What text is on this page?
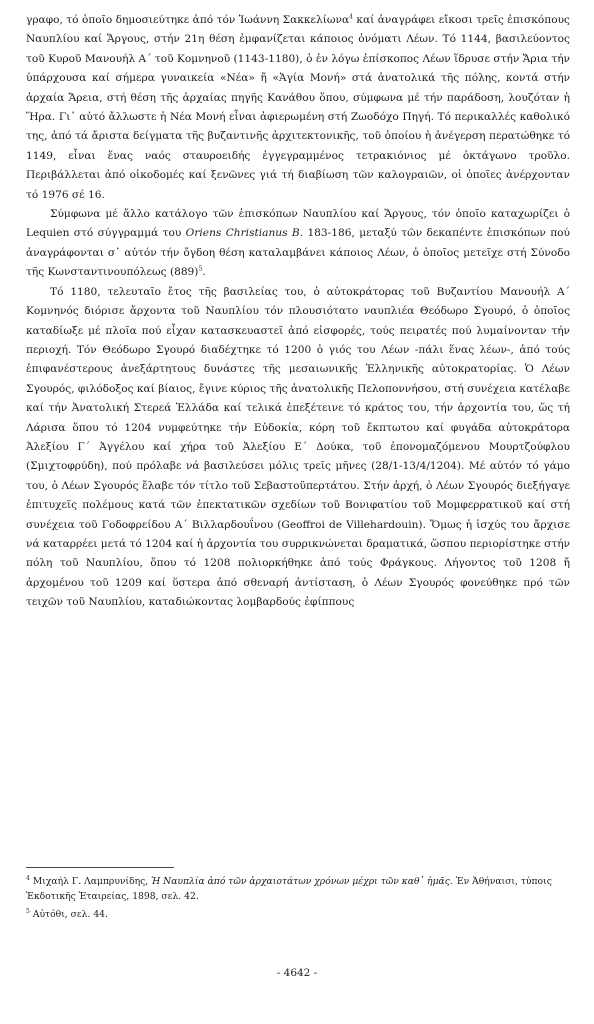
γραφο, τό ὁποῖο δημοσιεύτηκε ἀπό τόν Ἰωάννη Σακκελίωνα$^4$ καί ἀναγράφει εἴκοσι τρεῖς ἐπισκόπους Ναυπλίου καί Ἄργους, στήν 21η θέση ἐμφανίζεται κάποιος ὀνόματι Λέων. Τό 1144, βασιλεύοντος τοῦ Κυροῦ Μανουήλ Α΄ τοῦ Κομνηνοῦ (1143-1180), ὁ ἐν λόγω ἐπίσκοπος Λέων ἵδρυσε στήν Ἄρια τήν ὑπάρχουσα καί σήμερα γυναικεία «Νέα» ἤ «Ἁγία Μονή» στά ἀνατολικά τῆς πόλης, κοντά στήν ἀρχαία Ἄρεια, στή θέση τῆς ἀρχαίας πηγῆς Κανάθου ὅπου, σύμφωνα μέ τήν παράδοση, λουζόταν ἡ Ἥρα. Γι᾽ αὐτό ἄλλωστε ἡ Νέα Μονή εἶναι ἀφιερωμένη στή Ζωοδόχο Πηγή. Τό περικαλλές καθολικό της, ἀπό τά ἄριστα δείγματα τῆς βυζαντινῆς ἀρχιτεκτονικῆς, τοῦ ὁποίου ἡ ἀνέγερση περατώθηκε τό 1149, εἶναι ἕνας ναός σταυροειδής ἐγγεγραμμένος τετρακιόνιος μέ ὀκτάγωνο τροῦλο. Περιβάλλεται ἀπό οἰκοδομές καί ξενῶνες γιά τή διαβίωση τῶν καλογραιῶν, οἱ ὁποῖες ἀνέρχονταν τό 1976 σέ 16.

Σύμφωνα μέ ἄλλο κατάλογο τῶν ἐπισκόπων Ναυπλίου καί Ἄργους, τόν ὁποῖο καταχωρίζει ὁ Lequien στό σύγγραμμά του Oriens Christianus B. 183-186, μεταξύ τῶν δεκαπέντε ἐπισκόπων πού ἀναγράφονται σ᾽ αὐτόν τήν ὄγδοη θέση καταλαμβάνει κάποιος Λέων, ὁ ὁποῖος μετεῖχε στή Σύνοδο τῆς Κωνσταντινουπόλεως $(889)^5$.

Τό 1180, τελευταῖο ἔτος τῆς βασιλείας του, ὁ αὐτοκράτορας τοῦ Βυζαντίου Μανουήλ Α΄ Κομνηνός διόρισε ἄρχοντα τοῦ Ναυπλίου τόν πλουσιότατο ναυπλιέα Θεόδωρο Σγουρό, ὁ ὁποῖος καταδίωξε μέ πλοῖα πού εἶχαν κατασκευαστεῖ ἀπό εἰσφορές, τούς πειρατές πού λυμαίνονταν τήν περιοχή. Τόν Θεόδωρο Σγουρό διαδέχτηκε τό 1200 ὁ γιός του Λέων -πάλι ἕνας λέων-, ἀπό τούς ἐπιφανέστερους ἀνεξάρτητους δυνάστες τῆς μεσαιωνικῆς Ἑλληνικῆς αὐτοκρατορίας. Ὁ Λέων Σγουρός, φιλόδοξος καί βίαιος, ἔγινε κύριος τῆς ἀνατολικῆς Πελοποννήσου, στή συνέχεια κατέλαβε καί τήν Ἀνατολική Στερεά Ἑλλάδα καί τελικά ἐπεξέτεινε τό κράτος του, τήν ἀρχοντία του, ὥς τή Λάρισα ὅπου τό 1204 νυμφεύτηκε τήν Εὐδοκία, κόρη τοῦ ἔκπτωτου καί φυγάδα αὐτοκράτορα Ἀλεξίου Γ΄ Ἀγγέλου καί χήρα τοῦ Ἀλεξίου Ε΄ Δούκα, τοῦ ἐπονομαζόμενου Μουρτζούφλου (Σμιχτοφρύδη), πού πρόλαβε νά βασιλεύσει μόλις τρεῖς μῆνες (28/1-13/4/1204). Μέ αὐτόν τό γάμο του, ὁ Λέων Σγουρός ἔλαβε τόν τίτλο τοῦ Σεβαστοϋπερτάτου. Στήν ἀρχή, ὁ Λέων Σγουρός διεξήγαγε ἐπιτυχεῖς πολέμους κατά τῶν ἐπεκτατικῶν σχεδίων τοῦ Βονιφατίου τοῦ Μομφερρατικοῦ καί στή συνέχεια τοῦ Γοδοφρείδου Α΄ Βιλλαρδουΐνου (Geoffroi de Villehardouin). Ὅμως ἡ ἰσχύς του ἄρχισε νά καταρρέει μετά τό 1204 καί ἡ ἀρχοντία του συρρικνώνεται δραματικά, ὥσπου περιορίστηκε στήν πόλη τοῦ Ναυπλίου, ὅπου τό 1208 πολιορκήθηκε ἀπό τούς Φράγκους. Λήγοντος τοῦ 1208 ἤ ἀρχομένου τοῦ 1209 καί ὕστερα ἀπό σθεναρή ἀντίσταση, ὁ Λέων Σγουρός φονεύθηκε πρό τῶν τειχῶν τοῦ Ναυπλίου, καταδιώκοντας λομβαρδούς ἐφίππους

$^4$ Μιχαήλ Γ. Λαμπρυνίδης, Ἡ Ναυπλία ἀπό τῶν ἀρχαιοτάτων χρόνων μέχρι τῶν καθ᾽ ἡμᾶς. Ἐν Ἀθήναισι, τύποις Ἐκδοτικῆς Ἑταιρείας, 1898, σελ. 42.

$^5$ Αὐτόθι, σελ. 44.

- 4642 -
